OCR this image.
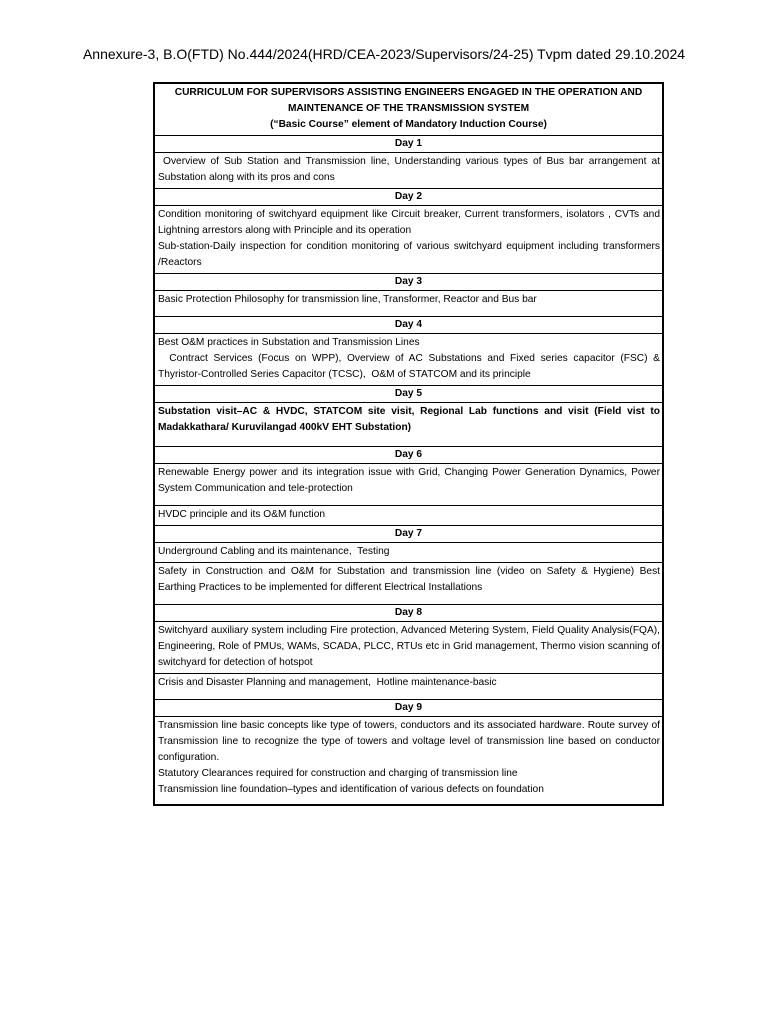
Annexure-3, B.O(FTD) No.444/2024(HRD/CEA-2023/Supervisors/24-25) Tvpm dated 29.10.2024
CURRICULUM FOR SUPERVISORS ASSISTING ENGINEERS ENGAGED IN THE OPERATION AND
MAINTENANCE OF THE TRANSMISSION SYSTEM
(“Basic Course” element of Mandatory Induction Course)
Day 1

Overview of Sub Station and Transmission line, Understanding various types of Bus bar arrangement at Substation along with its pros and cons

Day 2

Condition monitoring of switchyard equipment like Circuit breaker, Current transformers, isolators , CVTs and Lightning arrestors along with Principle and its operation

Sub-station-Daily inspection for condition monitoring of various switchyard equipment including transformers /Reactors

Day 3

Basic Protection Philosophy for transmission line, Transformer, Reactor and Bus bar

Day 4

Best O&M practices in Substation and Transmission Lines

Contract Services (Focus on WPP), Overview of AC Substations and Fixed series capacitor (FSC) & Thyristor-Controlled Series Capacitor (TCSC),  O&M of STATCOM and its principle

Day 5

Substation visit–AC & HVDC, STATCOM site visit, Regional Lab functions and visit (Field vist to Madakkathara/ Kuruvilangad 400kV EHT Substation)

Day 6

Renewable Energy power and its integration issue with Grid, Changing Power Generation Dynamics, Power System Communication and tele-protection

HVDC principle and its O&M function

Day 7

Underground Cabling and its maintenance,  Testing

Safety in Construction and O&M for Substation and transmission line (video on Safety & Hygiene) Best Earthing Practices to be implemented for different Electrical Installations

Day 8

Switchyard auxiliary system including Fire protection, Advanced Metering System, Field Quality Analysis(FQA), Engineering, Role of PMUs, WAMs, SCADA, PLCC, RTUs etc in Grid management, Thermo vision scanning of switchyard for detection of hotspot

Crisis and Disaster Planning and management,  Hotline maintenance-basic

Day 9

Transmission line basic concepts like type of towers, conductors and its associated hardware. Route survey of Transmission line to recognize the type of towers and voltage level of transmission line based on conductor configuration.

Statutory Clearances required for construction and charging of transmission line

Transmission line foundation–types and identification of various defects on foundation
